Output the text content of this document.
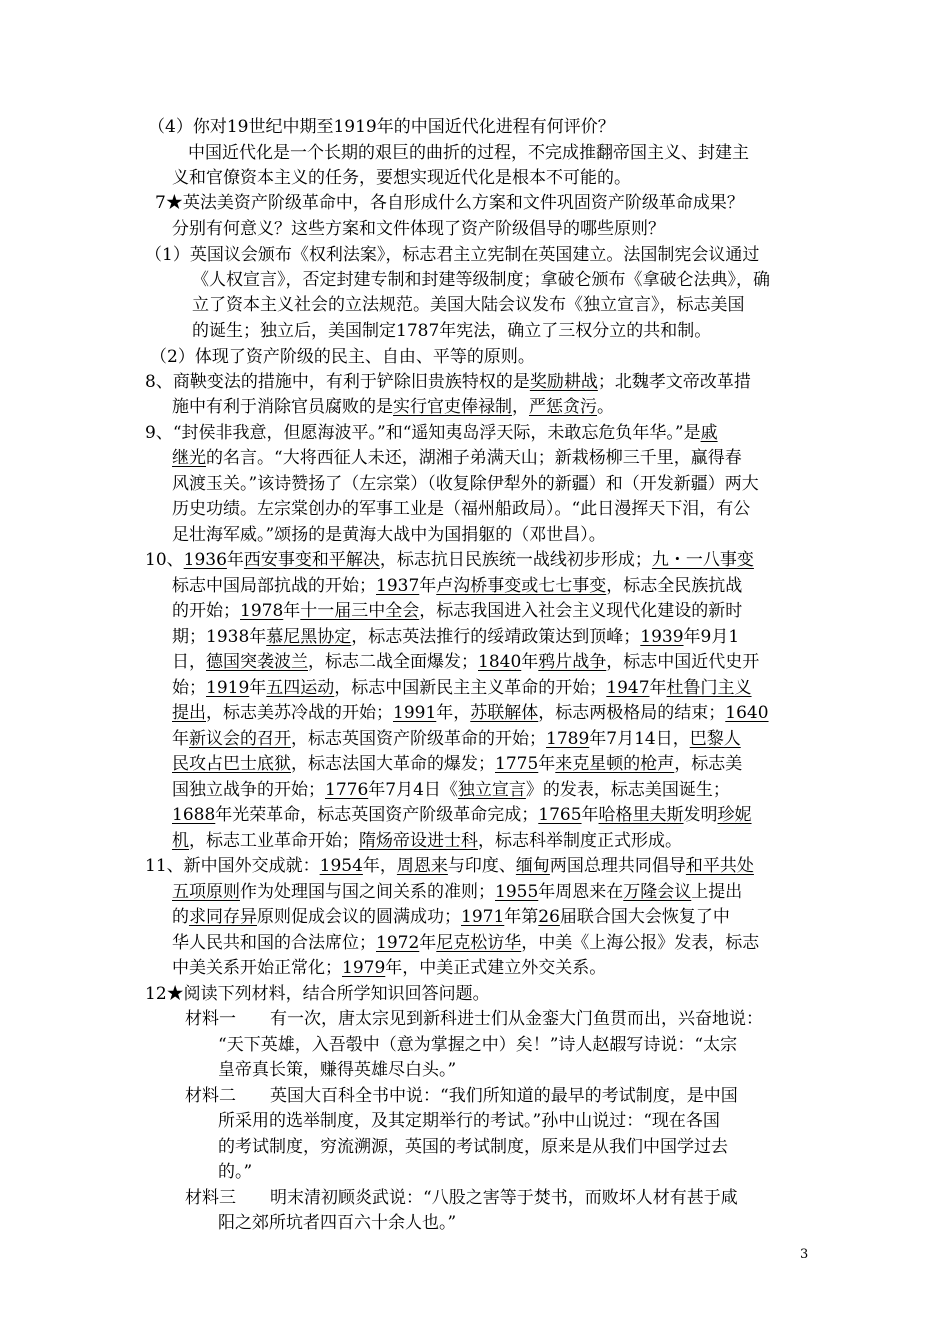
（4）你对19世纪中期至1919年的中国近代化进程有何评价？
中国近代化是一个长期的艰巨的曲折的过程，不完成推翻帝国主义、封建主
义和官僚资本主义的任务，要想实现近代化是根本不可能的。
7★英法美资产阶级革命中，各自形成什么方案和文件巩固资产阶级革命成果？
分别有何意义？这些方案和文件体现了资产阶级倡导的哪些原则？
（1）英国议会颁布《权利法案》，标志君主立宪制在英国建立。法国制宪会议通过
《人权宣言》，否定封建专制和封建等级制度；拿破仑颁布《拿破仑法典》，确
立了资本主义社会的立法规范。美国大陆会议发布《独立宣言》，标志美国
的诞生；独立后，美国制定1787年宪法，确立了三权分立的共和制。
（2）体现了资产阶级的民主、自由、平等的原则。
8、商鞅变法的措施中，有利于铲除旧贵族特权的是奖励耕战；北魏孝文帝改革措
施中有利于消除官员腐败的是实行官吏俸禄制，严惩贪污。
9、“封侯非我意，但愿海波平。”和“遥知夷岛浮天际，未敢忘危负年华。”是戚
继光的名言。“大将西征人未还，湖湘子弟满天山；新栽杨柳三千里，赢得春
风渡玉关。”该诗赞扬了（左宗棠）（收复除伊犁外的新疆）和（开发新疆）两大
历史功绩。左宗棠创办的军事工业是（福州船政局）。“此日漫挥天下泪，有公
足壮海军威。”颂扬的是黄海大战中为国捐躯的（邓世昌）。
10、1936年西安事变和平解决，标志抗日民族统一战线初步形成；九・一八事变
标志中国局部抗战的开始；1937年卢沟桥事变或七七事变，标志全民族抗战
的开始；1978年十一届三中全会，标志我国进入社会主义现代化建设的新时
期；1938年慕尼黑协定，标志英法推行的绥靖政策达到顶峰；1939年9月1
日，德国突袭波兰，标志二战全面爆发；1840年鸦片战争，标志中国近代史开
始；1919年五四运动，标志中国新民主主义革命的开始；1947年杜鲁门主义
提出，标志美苏冷战的开始；1991年，苏联解体，标志两极格局的结束；1640
年新议会的召开，标志英国资产阶级革命的开始；1789年7月14日，巴黎人
民攻占巴士底狱，标志法国大革命的爆发；1775年来克星顿的枪声，标志美
国独立战争的开始；1776年7月4日《独立宣言》的发表，标志美国诞生；
1688年光荣革命，标志英国资产阶级革命完成；1765年哈格里夫斯发明珍妮
机，标志工业革命开始；隋炀帝设进士科，标志科举制度正式形成。
11、新中国外交成就：1954年，周恩来与印度、缅甸两国总理共同倡导和平共处
五项原则作为处理国与国之间关系的准则；1955年周恩来在万隆会议上提出
的求同存异原则促成会议的圆满成功；1971年第26届联合国大会恢复了中
华人民共和国的合法席位；1972年尼克松访华，中美《上海公报》发表，标志
中美关系开始正常化；1979年，中美正式建立外交关系。
12★阅读下列材料，结合所学知识回答问题。
材料一　　有一次，唐太宗见到新科进士们从金銮大门鱼贯而出，兴奋地说：
“天下英雄，入吾彀中（意为掌握之中）矣！”诗人赵嘏写诗说：“太宗
皇帝真长策，赚得英雄尽白头。”
材料二　　英国大百科全书中说：“我们所知道的最早的考试制度，是中国
所采用的选举制度，及其定期举行的考试。”孙中山说过：“现在各国
的考试制度，穷流溯源，英国的考试制度，原来是从我们中国学过去
的。”
材料三　　明末清初顾炎武说：“八股之害等于焚书，而败坏人材有甚于咸
阳之郊所坑者四百六十余人也。”
3
